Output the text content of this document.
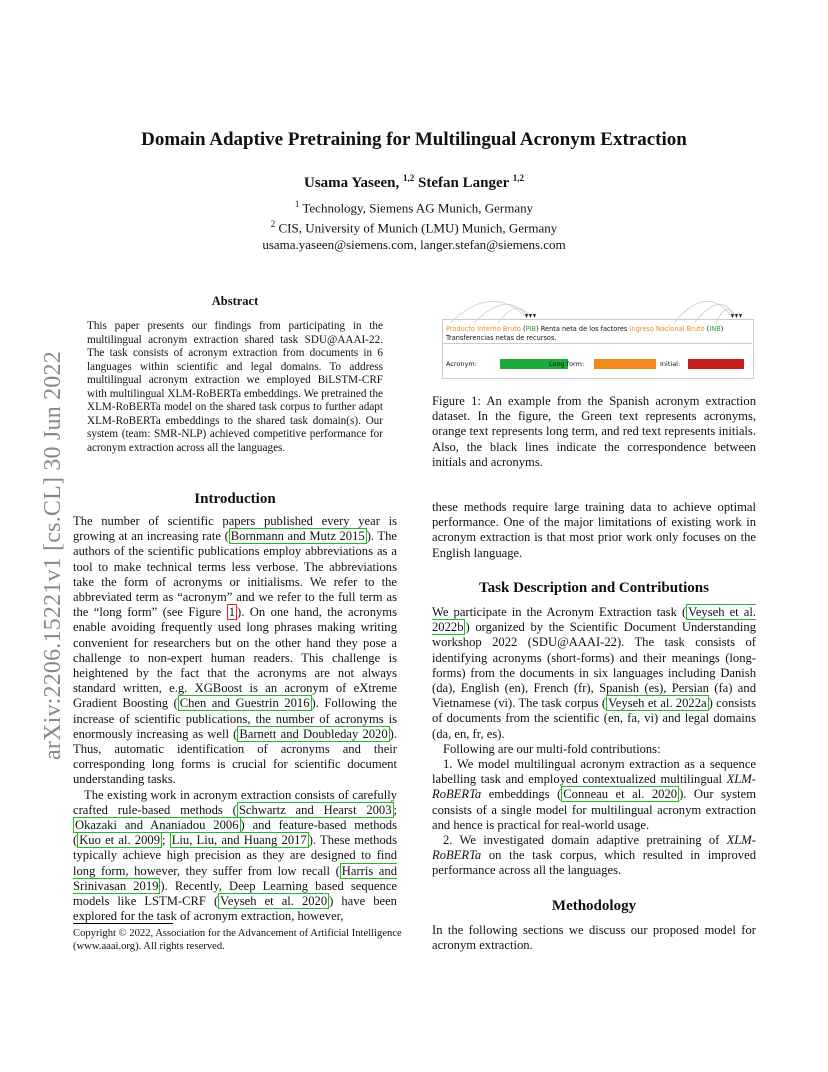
arXiv:2206.15221v1 [cs.CL] 30 Jun 2022
Domain Adaptive Pretraining for Multilingual Acronym Extraction
Usama Yaseen, $^{1,2}$ Stefan Langer $^{1,2}$
$^1$ Technology, Siemens AG Munich, Germany
$^2$ CIS, University of Munich (LMU) Munich, Germany
usama.yaseen@siemens.com, langer.stefan@siemens.com
Abstract
This paper presents our findings from participating in the multilingual acronym extraction shared task SDU@AAAI-22. The task consists of acronym extraction from documents in 6 languages within scientific and legal domains. To address multilingual acronym extraction we employed BiLSTM-CRF with multilingual XLM-RoBERTa embeddings. We pretrained the XLM-RoBERTa model on the shared task corpus to further adapt XLM-RoBERTa embeddings to the shared task domain(s). Our system (team: SMR-NLP) achieved competitive performance for acronym extraction across all the languages.
Introduction

The number of scientific papers published every year is growing at an increasing rate ( Bornmann and Mutz 2015 ). The authors of the scientific publications employ abbreviations as a tool to make technical terms less verbose. The abbreviations take the form of acronyms or initialisms. We refer to the abbreviated term as “acronym” and we refer to the full term as the “long form” (see Figure 1 ). On one hand, the acronyms enable avoiding frequently used long phrases making writing convenient for researchers but on the other hand they pose a challenge to non-expert human readers. This challenge is heightened by the fact that the acronyms are not always standard written, e.g. XGBoost is an acronym of eXtreme Gradient Boosting ( Chen and Guestrin 2016 ). Following the increase of scientific publications, the number of acronyms is enormously increasing as well ( Barnett and Doubleday 2020 ). Thus, automatic identification of acronyms and their corresponding long forms is crucial for scientific document understanding tasks.

The existing work in acronym extraction consists of carefully crafted rule-based methods ( Schwartz and Hearst 2003 ; Okazaki and Ananiadou 2006 ) and feature-based methods ( Kuo et al. 2009 ; Liu, Liu, and Huang 2017 ). These methods typically achieve high precision as they are designed to find long form, however, they suffer from low recall ( Harris and Srinivasan 2019 ). Recently, Deep Learning based sequence models like LSTM-CRF ( Veyseh et al. 2020 ) have been explored for the task of acronym extraction, however,

Copyright © 2022, Association for the Advancement of Artificial Intelligence (www.aaai.org). All rights reserved.
Producto Interno Bruto (PIB) Renta neta de los factores Ingreso Nacional Bruto (INB)
Transferencias netas de recursos.
Acronym:	Long form:	Initial:
Figure 1: An example from the Spanish acronym extraction dataset. In the figure, the Green text represents acronyms, orange text represents long term, and red text represents initials. Also, the black lines indicate the correspondence between initials and acronyms.
these methods require large training data to achieve optimal performance. One of the major limitations of existing work in acronym extraction is that most prior work only focuses on the English language.
Task Description and Contributions

We participate in the Acronym Extraction task ( Veyseh et al. 2022b ) organized by the Scientific Document Understanding workshop 2022 (SDU@AAAI-22). The task consists of identifying acronyms (short-forms) and their meanings (long-forms) from the documents in six languages including Danish (da), English (en), French (fr), Spanish (es), Persian (fa) and Vietnamese (vi). The task corpus ( Veyseh et al. 2022a ) consists of documents from the scientific (en, fa, vi) and legal domains (da, en, fr, es).

Following are our multi-fold contributions:

1. We model multilingual acronym extraction as a sequence labelling task and employed contextualized multilingual XLM-RoBERTa embeddings ( Conneau et al. 2020 ). Our system consists of a single model for multilingual acronym extraction and hence is practical for real-world usage.

2. We investigated domain adaptive pretraining of XLM-RoBERTa on the task corpus, which resulted in improved performance across all the languages.

Methodology
In the following sections we discuss our proposed model for acronym extraction.
